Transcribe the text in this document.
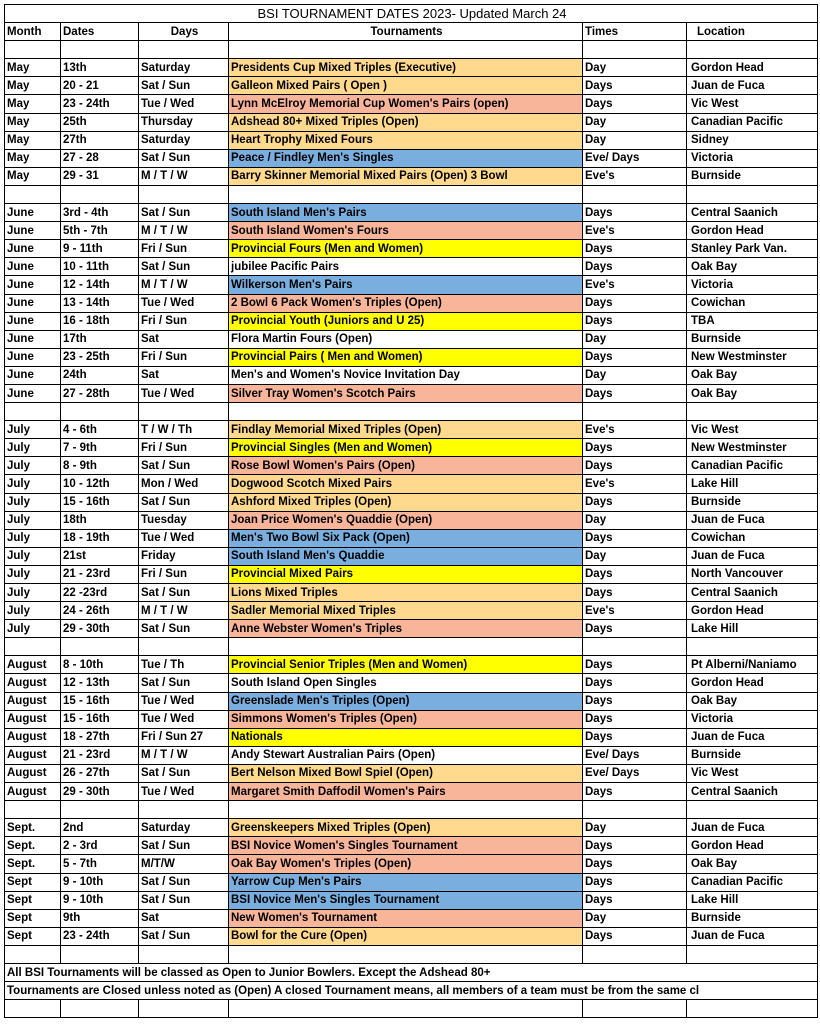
BSI TOURNAMENT DATES 2023- Updated March 24					
Month	Dates	Days	Tournaments	Times	Location

May	13th	Saturday	Presidents Cup Mixed Triples (Executive)	Day	Gordon Head
May	20 - 21	Sat / Sun	Galleon Mixed Pairs ( Open )	Days	Juan de Fuca
May	23 - 24th	Tue / Wed	Lynn McElroy Memorial Cup Women's Pairs (open)	Days	Vic West
May	25th	Thursday	Adshead 80+ Mixed Triples (Open)	Day	Canadian Pacific
May	27th	Saturday	Heart Trophy Mixed Fours	Day	Sidney
May	27 - 28	Sat / Sun	Peace / Findley Men's Singles	Eve/ Days	Victoria
May	29 - 31	M / T / W	Barry Skinner Memorial Mixed Pairs (Open) 3 Bowl	Eve's	Burnside

June	3rd - 4th	Sat / Sun	South Island Men's Pairs	Days	Central Saanich
June	5th - 7th	M / T / W	South Island Women's Fours	Eve's	Gordon Head
June	9 - 11th	Fri / Sun	Provincial Fours (Men and Women)	Days	Stanley Park Van.
June	10 - 11th	Sat / Sun	jubilee Pacific Pairs	Days	Oak Bay
June	12 - 14th	M / T / W	Wilkerson Men's Pairs	Eve's	Victoria
June	13 - 14th	Tue / Wed	2 Bowl 6 Pack Women's Triples (Open)	Days	Cowichan
June	16 - 18th	Fri / Sun	Provincial Youth (Juniors and U 25)	Days	TBA
June	17th	Sat	Flora Martin Fours (Open)	Day	Burnside
June	23 - 25th	Fri / Sun	Provincial Pairs ( Men and Women)	Days	New Westminster
June	24th	Sat	Men's and Women's Novice Invitation Day	Day	Oak Bay
June	27 - 28th	Tue / Wed	Silver Tray Women's Scotch Pairs	Days	Oak Bay

July	4 - 6th	T / W / Th	Findlay Memorial Mixed Triples (Open)	Eve's	Vic West
July	7 - 9th	Fri / Sun	Provincial Singles (Men and Women)	Days	New Westminster
July	8 - 9th	Sat / Sun	Rose Bowl Women's Pairs (Open)	Days	Canadian Pacific
July	10 - 12th	Mon / Wed	Dogwood Scotch Mixed Pairs	Eve's	Lake Hill
July	15 - 16th	Sat / Sun	Ashford Mixed Triples (Open)	Days	Burnside
July	18th	Tuesday	Joan Price Women's Quaddie (Open)	Day	Juan de Fuca
July	18 - 19th	Tue / Wed	Men's Two Bowl Six Pack (Open)	Days	Cowichan
July	21st	Friday	South Island Men's Quaddie	Day	Juan de Fuca
July	21 - 23rd	Fri / Sun	Provincial Mixed Pairs	Days	North Vancouver
July	22 -23rd	Sat / Sun	Lions Mixed Triples	Days	Central Saanich
July	24 - 26th	M / T / W	Sadler Memorial Mixed Triples	Eve's	Gordon Head
July	29 - 30th	Sat / Sun	Anne Webster Women's Triples	Days	Lake Hill

August	8 - 10th	Tue / Th	Provincial Senior Triples (Men and Women)	Days	Pt Alberni/Naniamo
August	12 - 13th	Sat / Sun	South Island Open Singles	Days	Gordon Head
August	15 - 16th	Tue / Wed	Greenslade Men's Triples (Open)	Days	Oak Bay
August	15 - 16th	Tue / Wed	Simmons Women's Triples (Open)	Days	Victoria
August	18 - 27th	Fri / Sun 27	Nationals	Days	Juan de Fuca
August	21 - 23rd	M / T / W	Andy Stewart Australian Pairs (Open)	Eve/ Days	Burnside
August	26 - 27th	Sat / Sun	Bert Nelson Mixed Bowl Spiel (Open)	Eve/ Days	Vic West
August	29 - 30th	Tue / Wed	Margaret Smith Daffodil Women's Pairs	Days	Central Saanich

Sept.	2nd	Saturday	Greenskeepers Mixed Triples (Open)	Day	Juan de Fuca
Sept.	2 - 3rd	Sat / Sun	BSI Novice Women's Singles Tournament	Days	Gordon Head
Sept.	5 - 7th	M/T/W	Oak Bay Women's Triples (Open)	Days	Oak Bay
Sept	9 - 10th	Sat / Sun	Yarrow Cup Men's Pairs	Days	Canadian Pacific
Sept	9 - 10th	Sat / Sun	BSI Novice Men's Singles Tournament	Days	Lake Hill
Sept	9th	Sat	New Women's Tournament	Day	Burnside
Sept	23 - 24th	Sat / Sun	Bowl for the Cure (Open)	Days	Juan de Fuca

All BSI Tournaments will be classed as Open to Junior Bowlers. Except the Adshead 80+					
Tournaments are Closed unless noted as (Open) A closed Tournament means, all members of a team must be from the same cl					
